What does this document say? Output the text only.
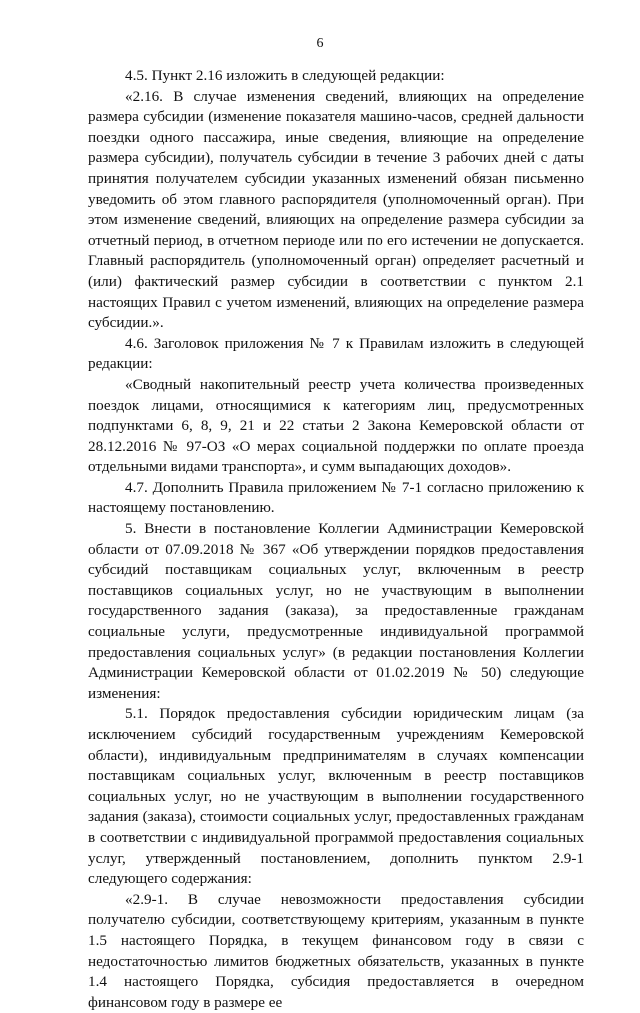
6

4.5. Пункт 2.16 изложить в следующей редакции:

«2.16. В случае изменения сведений, влияющих на определение размера субсидии (изменение показателя машино-часов, средней дальности поездки одного пассажира, иные сведения, влияющие на определение размера субсидии), получатель субсидии в течение 3 рабочих дней с даты принятия получателем субсидии указанных изменений обязан письменно уведомить об этом главного распорядителя (уполномоченный орган). При этом изменение сведений, влияющих на определение размера субсидии за отчетный период, в отчетном периоде или по его истечении не допускается. Главный распорядитель (уполномоченный орган) определяет расчетный и (или) фактический размер субсидии в соответствии с пунктом 2.1 настоящих Правил с учетом изменений, влияющих на определение размера субсидии.».

4.6. Заголовок приложения № 7 к Правилам изложить в следующей редакции:

«Сводный накопительный реестр учета количества произведенных поездок лицами, относящимися к категориям лиц, предусмотренных подпунктами 6, 8, 9, 21 и 22 статьи 2 Закона Кемеровской области от 28.12.2016 № 97-ОЗ «О мерах социальной поддержки по оплате проезда отдельными видами транспорта», и сумм выпадающих доходов».

4.7. Дополнить Правила приложением № 7-1 согласно приложению к настоящему постановлению.

5. Внести в постановление Коллегии Администрации Кемеровской области от 07.09.2018 № 367 «Об утверждении порядков предоставления субсидий поставщикам социальных услуг, включенным в реестр поставщиков социальных услуг, но не участвующим в выполнении государственного задания (заказа), за предоставленные гражданам социальные услуги, предусмотренные индивидуальной программой предоставления социальных услуг» (в редакции постановления Коллегии Администрации Кемеровской области от 01.02.2019 № 50) следующие изменения:

5.1. Порядок предоставления субсидии юридическим лицам (за исключением субсидий государственным учреждениям Кемеровской области), индивидуальным предпринимателям в случаях компенсации поставщикам социальных услуг, включенным в реестр поставщиков социальных услуг, но не участвующим в выполнении государственного задания (заказа), стоимости социальных услуг, предоставленных гражданам в соответствии с индивидуальной программой предоставления социальных услуг, утвержденный постановлением, дополнить пунктом 2.9-1 следующего содержания:

«2.9-1. В случае невозможности предоставления субсидии получателю субсидии, соответствующему критериям, указанным в пункте 1.5 настоящего Порядка, в текущем финансовом году в связи с недостаточностью лимитов бюджетных обязательств, указанных в пункте 1.4 настоящего Порядка, субсидия предоставляется в очередном финансовом году в размере ее
